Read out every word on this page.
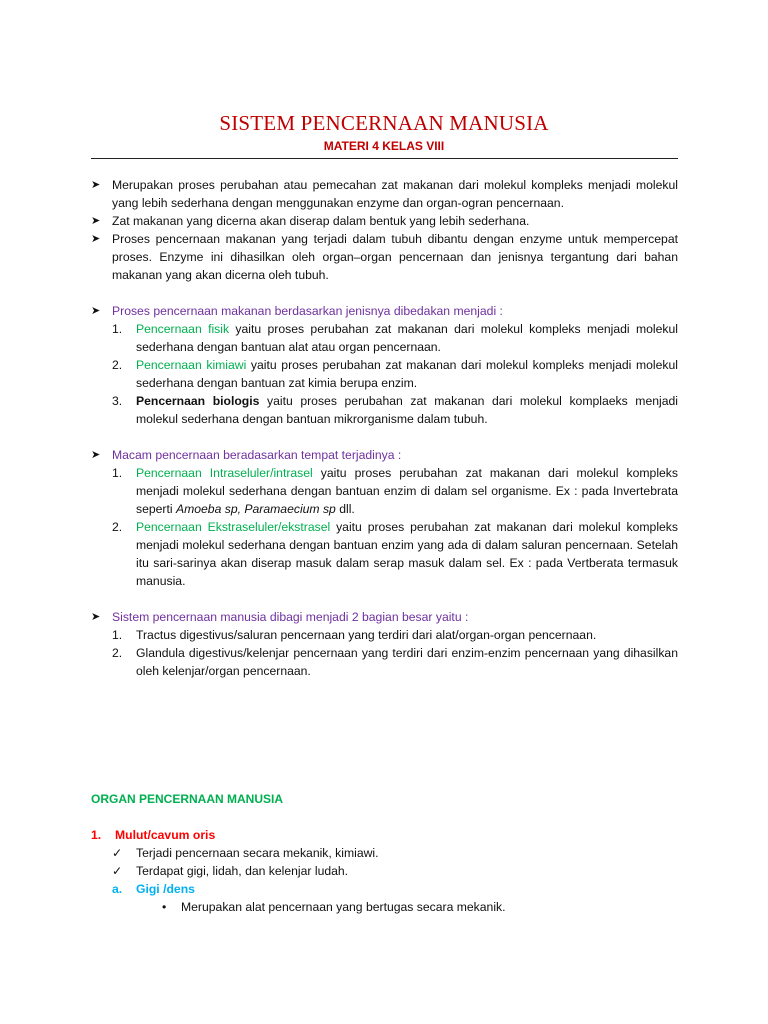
SISTEM PENCERNAAN MANUSIA
MATERI 4 KELAS VIII
➤ Merupakan proses perubahan atau pemecahan zat makanan dari molekul kompleks menjadi molekul yang lebih sederhana dengan menggunakan enzyme dan organ-ogran pencernaan.
➤ Zat makanan yang dicerna akan diserap dalam bentuk yang lebih sederhana.
➤ Proses pencernaan makanan yang terjadi dalam tubuh dibantu dengan enzyme untuk mempercepat proses. Enzyme ini dihasilkan oleh organ–organ pencernaan dan jenisnya tergantung dari bahan makanan yang akan dicerna oleh tubuh.
➤ Proses pencernaan makanan berdasarkan jenisnya dibedakan menjadi :
1.	Pencernaan fisik yaitu proses perubahan zat makanan dari molekul kompleks menjadi molekul sederhana dengan bantuan alat atau organ pencernaan.
2.	Pencernaan kimiawi yaitu proses perubahan zat makanan dari molekul kompleks menjadi molekul sederhana dengan bantuan zat kimia berupa enzim.
3.	Pencernaan biologis yaitu proses perubahan zat makanan dari molekul komplaeks menjadi molekul sederhana dengan bantuan mikrorganisme dalam tubuh.
➤ Macam pencernaan beradasarkan tempat terjadinya :
1.	Pencernaan Intraseluler/intrasel yaitu proses perubahan zat makanan dari molekul kompleks menjadi molekul sederhana dengan bantuan enzim di dalam sel organisme. Ex : pada Invertebrata seperti Amoeba sp, Paramaecium sp dll.
2.	Pencernaan Ekstraseluler/ekstrasel yaitu proses perubahan zat makanan dari molekul kompleks menjadi molekul sederhana dengan bantuan enzim yang ada di dalam saluran pencernaan. Setelah itu sari-sarinya akan diserap masuk dalam serap masuk dalam sel. Ex : pada Vertberata termasuk manusia.
➤ Sistem pencernaan manusia dibagi menjadi 2 bagian besar yaitu :
1.	Tractus digestivus/saluran pencernaan yang terdiri dari alat/organ-organ pencernaan.
2.	Glandula digestivus/kelenjar pencernaan yang terdiri dari enzim-enzim pencernaan yang dihasilkan oleh kelenjar/organ pencernaan.
ORGAN PENCERNAAN MANUSIA
1.	Mulut/cavum oris
✓	Terjadi pencernaan secara mekanik, kimiawi.
✓	Terdapat gigi, lidah, dan kelenjar ludah.
a.	Gigi /dens
•	Merupakan alat pencernaan yang bertugas secara mekanik.
